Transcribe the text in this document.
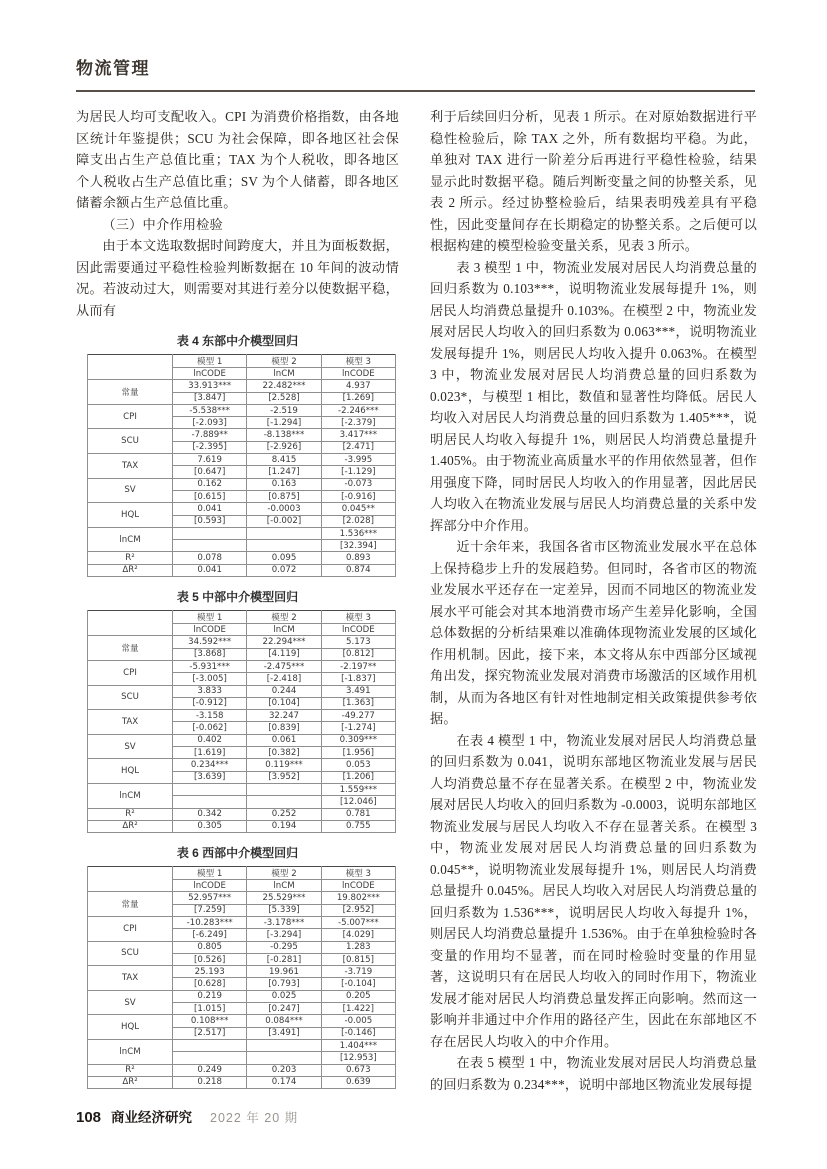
物流管理

为居民人均可支配收入。CPI 为消费价格指数，由各地区统计年鉴提供；SCU 为社会保障，即各地区社会保障支出占生产总值比重；TAX 为个人税收，即各地区个人税收占生产总值比重；SV 为个人储蓄，即各地区储蓄余额占生产总值比重。

（三）中介作用检验

由于本文选取数据时间跨度大，并且为面板数据，因此需要通过平稳性检验判断数据在 10 年间的波动情况。若波动过大，则需要对其进行差分以使数据平稳，从而有

表 4 东部中介模型回归
	模型 1	模型 2	模型 3
	lnCODE	lnCM	lnCODE
常量	33.913***	22.482***	4.937
	[3.847]	[2.528]	[1.269]
CPI	-5.538***	-2.519	-2.246***
	[-2.093]	[-1.294]	[-2.379]
SCU	-7.889**	-8.138***	3.417***
	[-2.395]	[-2.926]	[2.471]
TAX	7.619	8.415	-3.995
	[0.647]	[1.247]	[-1.129]
SV	0.162	0.163	-0.073
	[0.615]	[0.875]	[-0.916]
HQL	0.041	-0.0003	0.045**
	[0.593]	[-0.002]	[2.028]
lnCM			1.536***
			[32.394]
R²	0.078	0.095	0.893
ΔR²	0.041	0.072	0.874
表 5 中部中介模型回归
	模型 1	模型 2	模型 3
	lnCODE	lnCM	lnCODE
常量	34.592***	22.294***	5.173
	[3.868]	[4.119]	[0.812]
CPI	-5.931***	-2.475***	-2.197**
	[-3.005]	[-2.418]	[-1.837]
SCU	3.833	0.244	3.491
	[-0.912]	[0.104]	[1.363]
TAX	-3.158	32.247	-49.277
	[-0.062]	[0.839]	[-1.274]
SV	0.402	0.061	0.309***
	[1.619]	[0.382]	[1.956]
HQL	0.234***	0.119***	0.053
	[3.639]	[3.952]	[1.206]
lnCM			1.559***
			[12.046]
R²	0.342	0.252	0.781
ΔR²	0.305	0.194	0.755
表 6 西部中介模型回归
	模型 1	模型 2	模型 3
	lnCODE	lnCM	lnCODE
常量	52.957***	25.529***	19.802***
	[7.259]	[5.339]	[2.952]
CPI	-10.283***	-3.178***	-5.007***
	[-6.249]	[-3.294]	[4.029]
SCU	0.805	-0.295	1.283
	[0.526]	[-0.281]	[0.815]
TAX	25.193	19.961	-3.719
	[0.628]	[0.793]	[-0.104]
SV	0.219	0.025	0.205
	[1.015]	[0.247]	[1.422]
HQL	0.108***	0.084***	-0.005
	[2.517]	[3.491]	[-0.146]
lnCM			1.404***
			[12.953]
R²	0.249	0.203	0.673
ΔR²	0.218	0.174	0.639

利于后续回归分析，见表 1 所示。在对原始数据进行平稳性检验后，除 TAX 之外，所有数据均平稳。为此，单独对 TAX 进行一阶差分后再进行平稳性检验，结果显示此时数据平稳。随后判断变量之间的协整关系，见表 2 所示。经过协整检验后，结果表明残差具有平稳性，因此变量间存在长期稳定的协整关系。之后便可以根据构建的模型检验变量关系，见表 3 所示。

表 3 模型 1 中，物流业发展对居民人均消费总量的回归系数为 0.103***，说明物流业发展每提升 1%，则居民人均消费总量提升 0.103%。在模型 2 中，物流业发展对居民人均收入的回归系数为 0.063***，说明物流业发展每提升 1%，则居民人均收入提升 0.063%。在模型 3 中，物流业发展对居民人均消费总量的回归系数为 0.023*，与模型 1 相比，数值和显著性均降低。居民人均收入对居民人均消费总量的回归系数为 1.405***，说明居民人均收入每提升 1%，则居民人均消费总量提升 1.405%。由于物流业高质量水平的作用依然显著，但作用强度下降，同时居民人均收入的作用显著，因此居民人均收入在物流业发展与居民人均消费总量的关系中发挥部分中介作用。

近十余年来，我国各省市区物流业发展水平在总体上保持稳步上升的发展趋势。但同时，各省市区的物流业发展水平还存在一定差异，因而不同地区的物流业发展水平可能会对其本地消费市场产生差异化影响，全国总体数据的分析结果难以准确体现物流业发展的区域化作用机制。因此，接下来，本文将从东中西部分区域视角出发，探究物流业发展对消费市场激活的区域作用机制，从而为各地区有针对性地制定相关政策提供参考依据。

在表 4 模型 1 中，物流业发展对居民人均消费总量的回归系数为 0.041，说明东部地区物流业发展与居民人均消费总量不存在显著关系。在模型 2 中，物流业发展对居民人均收入的回归系数为 -0.0003，说明东部地区物流业发展与居民人均收入不存在显著关系。在模型 3 中，物流业发展对居民人均消费总量的回归系数为 0.045**，说明物流业发展每提升 1%，则居民人均消费总量提升 0.045%。居民人均收入对居民人均消费总量的回归系数为 1.536***，说明居民人均收入每提升 1%，则居民人均消费总量提升 1.536%。由于在单独检验时各变量的作用均不显著，而在同时检验时变量的作用显著，这说明只有在居民人均收入的同时作用下，物流业发展才能对居民人均消费总量发挥正向影响。然而这一影响并非通过中介作用的路径产生，因此在东部地区不存在居民人均收入的中介作用。

在表 5 模型 1 中，物流业发展对居民人均消费总量的回归系数为 0.234***，说明中部地区物流业发展每提

108 商业经济研究 2022 年 20 期
